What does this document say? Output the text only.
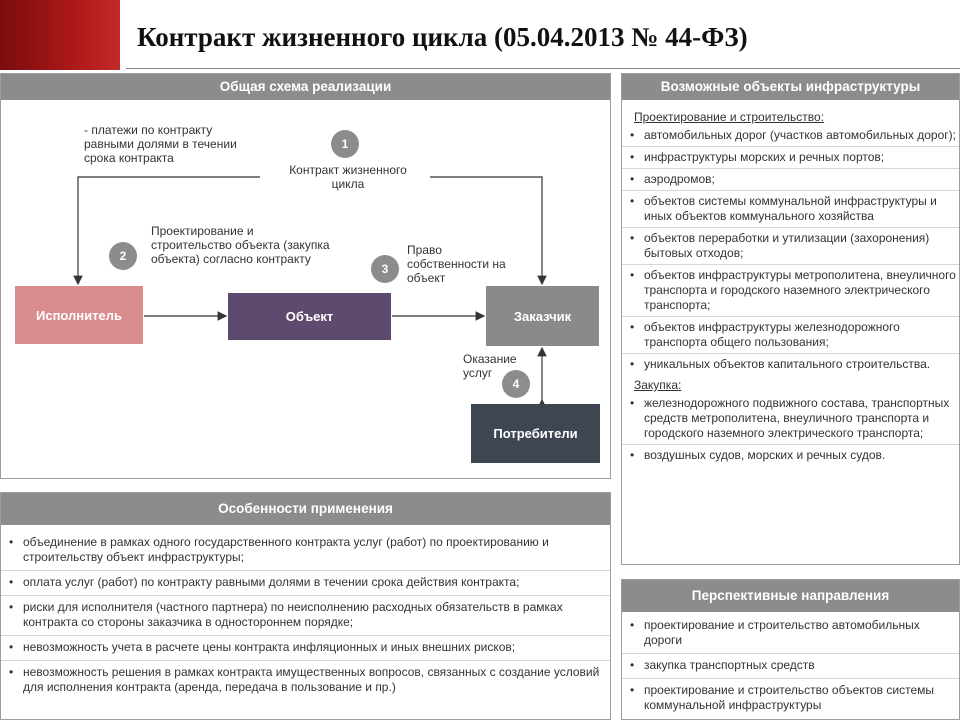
Контракт жизненного цикла (05.04.2013 № 44-ФЗ)
Общая схема реализации
- платежи по контракту равными долями в течении срока контракта
1
Контракт жизненного цикла
2
Проектирование и строительство объекта (закупка объекта) согласно контракту
3
Право собственности на объект
Оказание услуг
4
Исполнитель	Объект	Заказчик
Потребители
Особенности применения
• объединение в рамках одного государственного контракта услуг (работ) по проектированию и строительству объект инфраструктуры;
• оплата услуг (работ) по контракту равными долями в течении срока действия контракта;
• риски для исполнителя (частного партнера) по неисполнению расходных обязательств в рамках контракта со стороны заказчика в одностороннем порядке;
• невозможность учета в расчете цены контракта инфляционных и иных внешних рисков;
• невозможность решения в рамках контракта имущественных вопросов, связанных с создание условий для исполнения контракта (аренда, передача в пользование и пр.)
Возможные объекты инфраструктуры
Проектирование и строительство:
• автомобильных дорог (участков автомобильных дорог);
• инфраструктуры морских и речных портов;
• аэродромов;
• объектов системы коммунальной инфраструктуры и иных объектов коммунального хозяйства
• объектов переработки и утилизации (захоронения) бытовых отходов;
• объектов инфраструктуры метрополитена, внеуличного транспорта и городского наземного электрического транспорта;
• объектов инфраструктуры железнодорожного транспорта общего пользования;
• уникальных объектов капитального строительства.
Закупка:
• железнодорожного подвижного состава, транспортных средств метрополитена, внеуличного транспорта и городского наземного электрического транспорта;
• воздушных судов, морских и речных судов.
Перспективные направления
• проектирование и строительство автомобильных дороги
• закупка транспортных средств
• проектирование и строительство объектов системы коммунальной инфраструктуры
